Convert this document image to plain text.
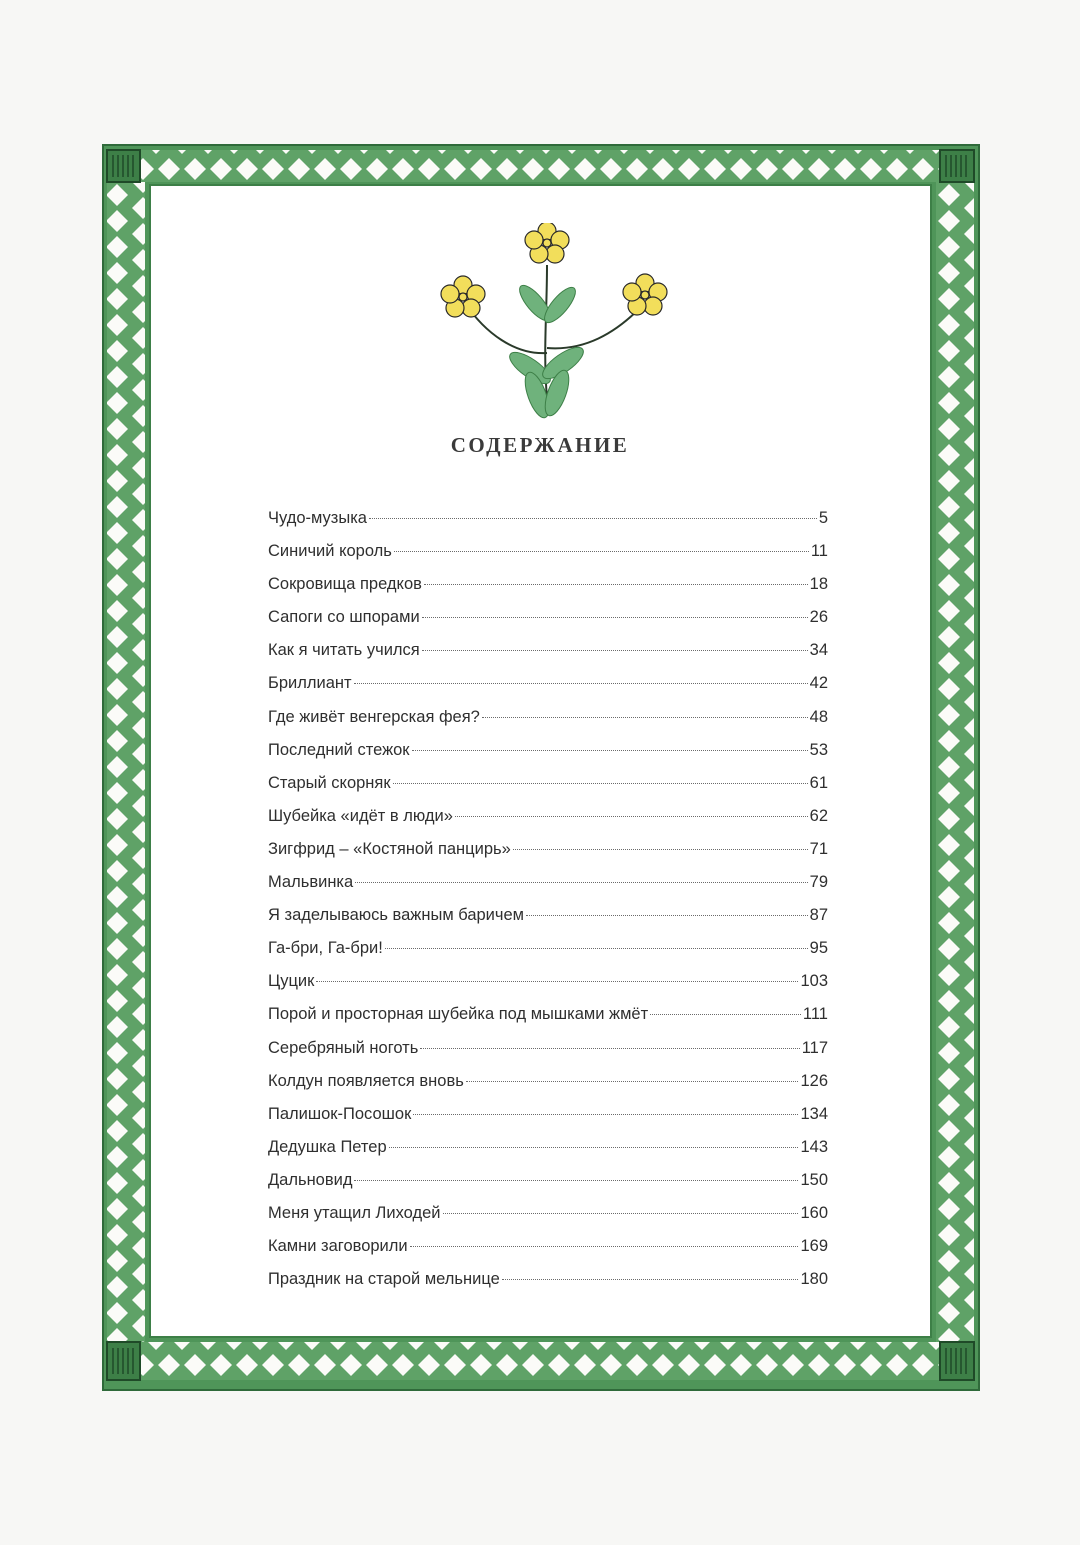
СОДЕРЖАНИЕ
Чудо-музыка	5
Синичий король	11
Сокровища предков	18
Сапоги со шпорами	26
Как я читать учился	34
Бриллиант	42
Где живёт венгерская фея?	48
Последний стежок	53
Старый скорняк	61
Шубейка «идёт в люди»	62
Зигфрид – «Костяной панцирь»	71
Мальвинка	79
Я заделываюсь важным баричем	87
Га-бри, Га-бри!	95
Цуцик	103
Порой и просторная шубейка под мышками жмёт	111
Серебряный ноготь	117
Колдун появляется вновь	126
Палишок-Посошок	134
Дедушка Петер	143
Дальновид	150
Меня утащил Лиходей	160
Камни заговорили	169
Праздник на старой мельнице	180
